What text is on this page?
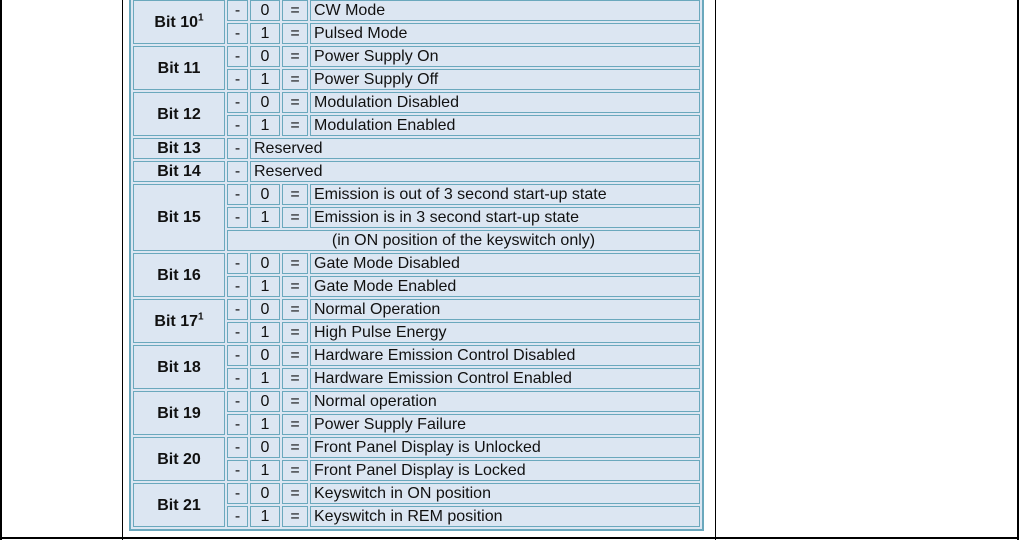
Bit $10^1$	-	0	=	CW Mode
	-	1	=	Pulsed Mode
Bit 11	-	0	=	Power Supply On
	-	1	=	Power Supply Off
Bit 12	-	0	=	Modulation Disabled
	-	1	=	Modulation Enabled
Bit 13	-	Reserved		
Bit 14	-	Reserved		
Bit 15	-	0	=	Emission is out of 3 second start-up state
	-	1	=	Emission is in 3 second start-up state
	(in ON position of the keyswitch only)			
Bit 16	-	0	=	Gate Mode Disabled
	-	1	=	Gate Mode Enabled
Bit $17^1$	-	0	=	Normal Operation
	-	1	=	High Pulse Energy
Bit 18	-	0	=	Hardware Emission Control Disabled
	-	1	=	Hardware Emission Control Enabled
Bit 19	-	0	=	Normal operation
	-	1	=	Power Supply Failure
Bit 20	-	0	=	Front Panel Display is Unlocked
	-	1	=	Front Panel Display is Locked
Bit 21	-	0	=	Keyswitch in ON position
	-	1	=	Keyswitch in REM position
